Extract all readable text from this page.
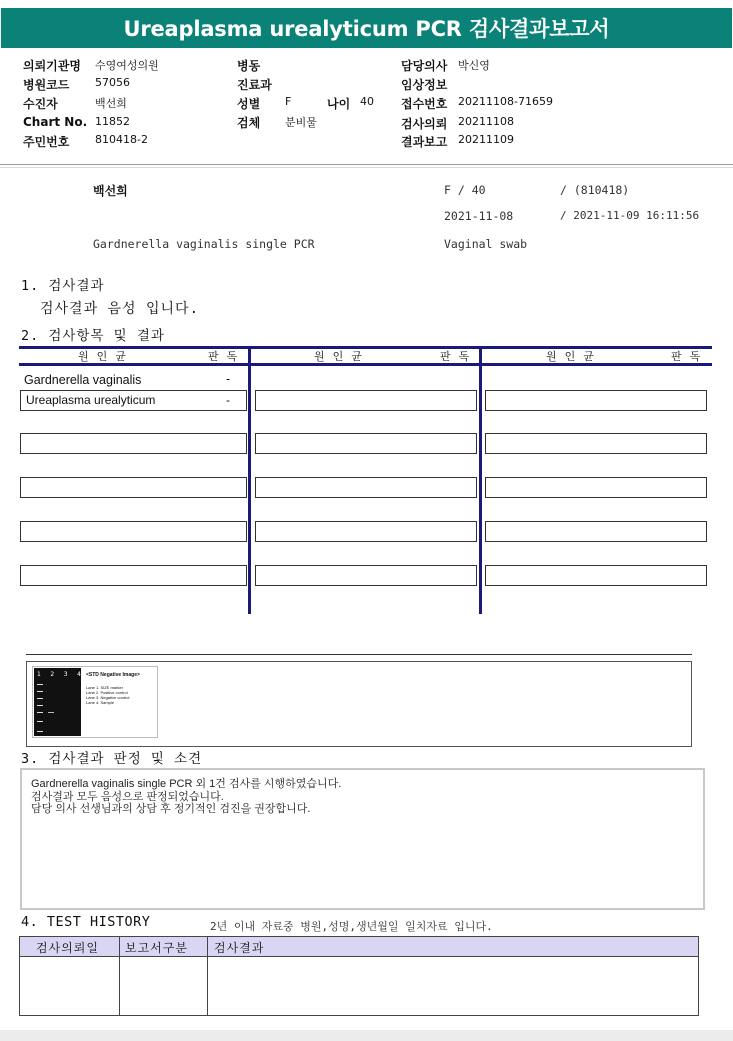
Ureaplasma urealyticum PCR 검사결과보고서
의뢰기관명 수영여성의원
병원코드 57056
수진자	백선희
Chart No. 11852
주민번호 810418-2
병동
진료과
성별 F	나이 40
검체 분비물
담당의사 박신영
임상정보
접수번호 20211108-71659
검사의뢰 20211108
결과보고 20211109
백선희	F / 40	/ (810418)
2021-11-08	/ 2021-11-09 16:11:56
Gardnerella vaginalis single PCR	Vaginal swab
1. 검사결과
검사결과 음성 입니다.
2. 검사항목 및 결과
원인균	판독	원인균	판독	원인균	판독
Gardnerella vaginalis	-
Ureaplasma urealyticum	-
1 2 3 4 <STD Negative Image>
Lane 1. SIZE marker
Lane 2. Positive control
Lane 3. Negative control
Lane 4. Sample
3. 검사결과 판정 및 소견
Gardnerella vaginalis single PCR 외 1건 검사를 시행하였습니다.
검사결과 모두 음성으로 판정되었습니다.
담당 의사 선생님과의 상담 후 정기적인 검진을 권장합니다.
4. TEST HISTORY	2년 이내 자료중 병원,성명,생년월일 일치자료 입니다.
검사의뢰일 보고서구분 검사결과
